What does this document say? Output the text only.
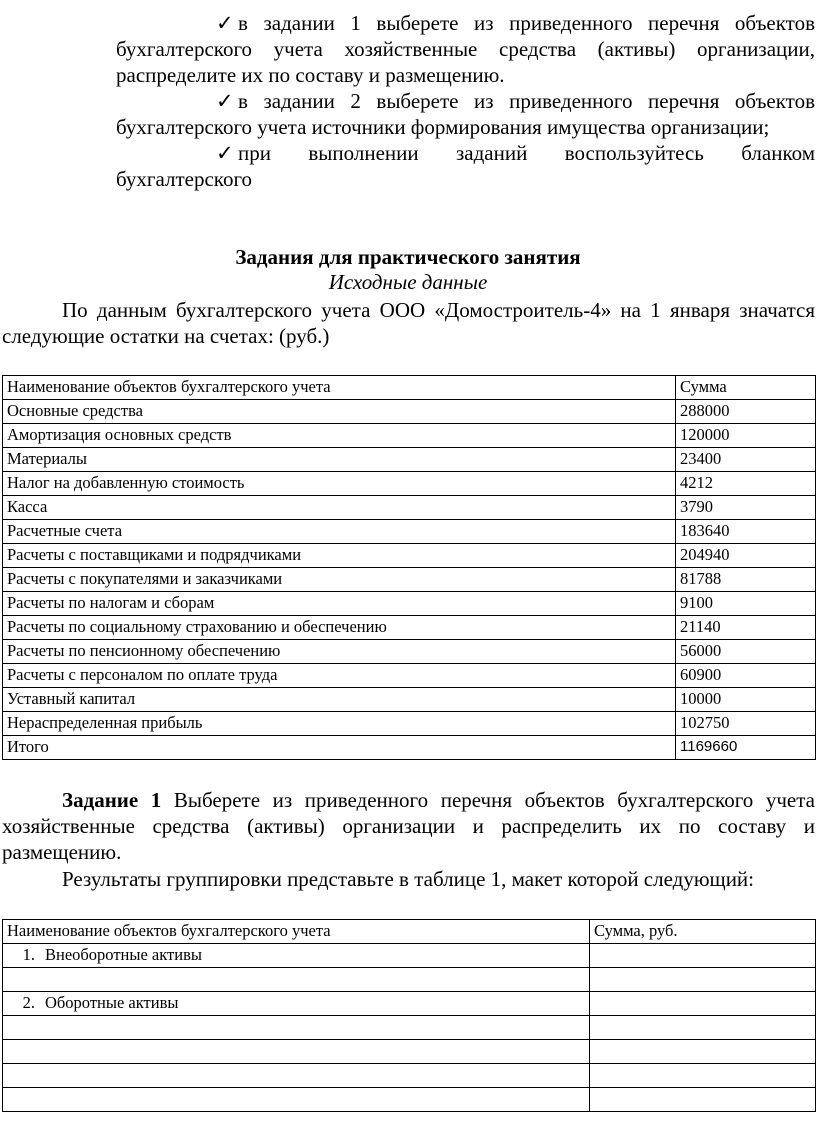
✓ в задании 1 выберете из приведенного перечня объектов бухгалтерского учета хозяйственные средства (активы) организации, распределите их по составу и размещению.

✓ в задании 2 выберете из приведенного перечня объектов бухгалтерского учета источники формирования имущества организации;

✓ при выполнении заданий воспользуйтесь бланком бухгалтерского

Задания для практического занятия
Исходные данные

По данным бухгалтерского учета ООО «Домостроитель-4» на 1 января значатся следующие остатки на счетах: (руб.)

Наименование объектов бухгалтерского учета	Сумма
Основные средства	288000
Амортизация основных средств	120000
Материалы	23400
Налог на добавленную стоимость	4212
Касса	3790
Расчетные счета	183640
Расчеты с поставщиками и подрядчиками	204940
Расчеты с покупателями и заказчиками	81788
Расчеты по налогам и сборам	9100
Расчеты по социальному страхованию и обеспечению	21140
Расчеты по пенсионному обеспечению	56000
Расчеты с персоналом по оплате труда	60900
Уставный капитал	10000
Нераспределенная прибыль	102750
Итого	1169660

Задание 1 Выберете из приведенного перечня объектов бухгалтерского учета хозяйственные средства (активы) организации и распределить их по составу и размещению.

Результаты группировки представьте в таблице 1, макет которой следующий:

Наименование объектов бухгалтерского учета	Сумма, руб.
1. Внеоборотные активы	

2. Оборотные активы	
